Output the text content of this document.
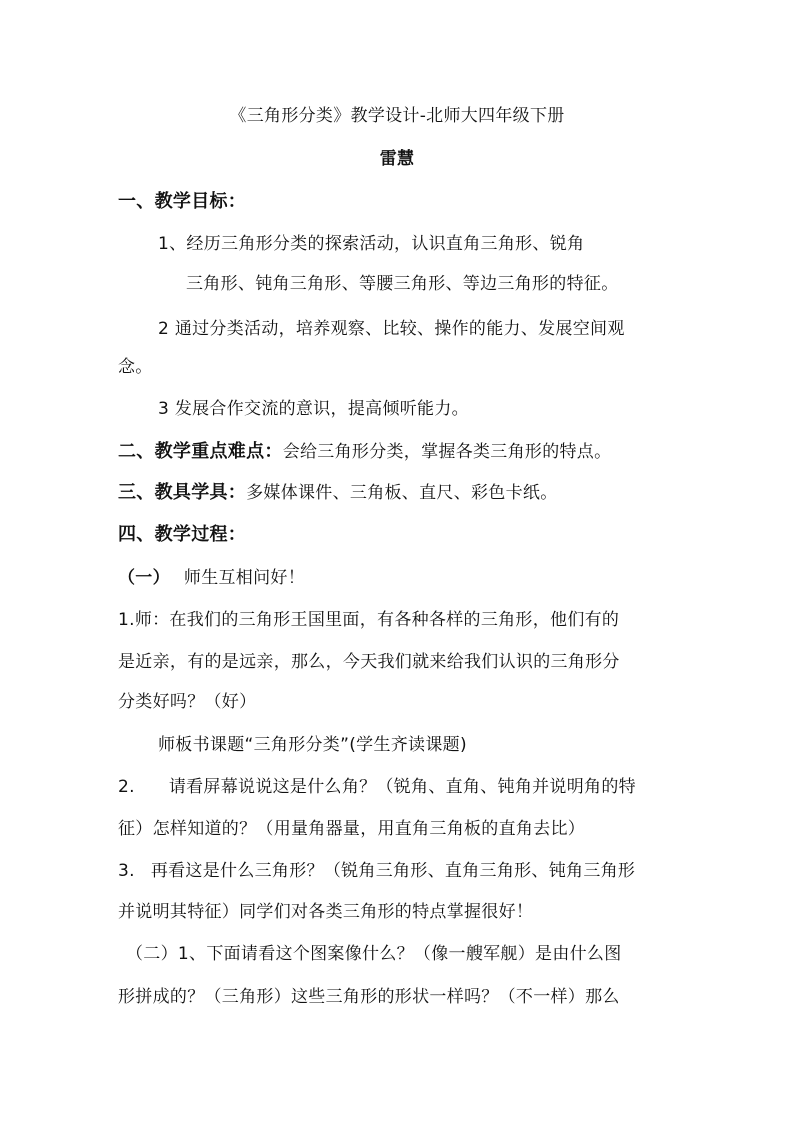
《三角形分类》教学设计-北师大四年级下册
雷慧
一、教学目标：
1、经历三角形分类的探索活动，认识直角三角形、锐角
三角形、钝角三角形、等腰三角形、等边三角形的特征。
2 通过分类活动，培养观察、比较、操作的能力、发展空间观
念。
3 发展合作交流的意识，提高倾听能力。
二、教学重点难点：会给三角形分类，掌握各类三角形的特点。
三、教具学具：多媒体课件、三角板、直尺、彩色卡纸。
四、教学过程：
（一） 师生互相问好！
1.师：在我们的三角形王国里面，有各种各样的三角形，他们有的
是近亲，有的是远亲，那么，今天我们就来给我们认识的三角形分
分类好吗？（好）
师板书课题“三角形分类”(学生齐读课题)
2. 请看屏幕说说这是什么角？（锐角、直角、钝角并说明角的特
征）怎样知道的？（用量角器量，用直角三角板的直角去比）
3. 再看这是什么三角形？（锐角三角形、直角三角形、钝角三角形
并说明其特征）同学们对各类三角形的特点掌握很好！
（二）1、下面请看这个图案像什么？（像一艘军舰）是由什么图
形拼成的？（三角形）这些三角形的形状一样吗？（不一样）那么
